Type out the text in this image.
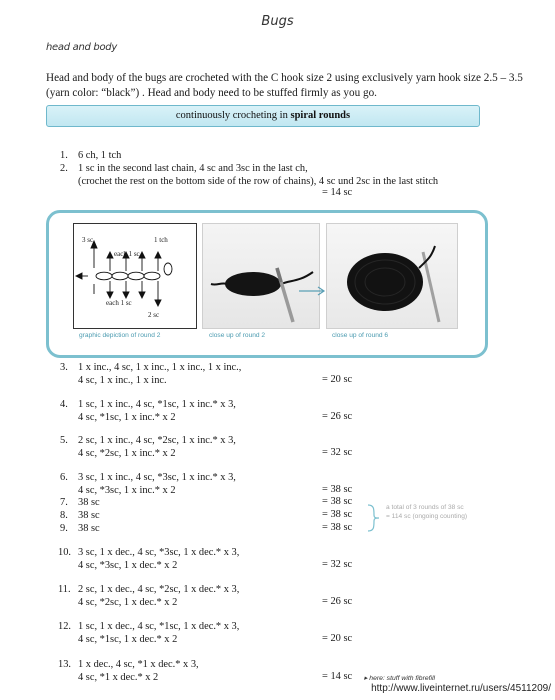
Bugs
head and body
Head and body of the bugs are crocheted with the C hook size 2 using exclusively yarn hook size 2.5 – 3.5 (yarn color: “black”) . Head and body need to be stuffed firmly as you go.
continuously crocheting in spiral rounds
1. 6 ch, 1 tch
2. 1 sc in the second last chain, 4 sc and 3sc in the last ch,
(crochet the rest on the bottom side of the row of chains), 4 sc und 2sc in the last stitch
= 14 sc
3 sc	1 tch
each 1 sc
each 1 sc
2 sc
graphic depiction of round 2	close up of round 2	close up of round 6
3. 1 x inc., 4 sc, 1 x inc., 1 x inc., 1 x inc.,
4 sc, 1 x inc., 1 x inc.	= 20 sc
4. 1 sc, 1 x inc., 4 sc, *1sc, 1 x inc.* x 3,
4 sc, *1sc, 1 x inc.* x 2	= 26 sc
5. 2 sc, 1 x inc., 4 sc, *2sc, 1 x inc.* x 3,
4 sc, *2sc, 1 x inc.* x 2	= 32 sc
6. 3 sc, 1 x inc., 4 sc, *3sc, 1 x inc.* x 3,
4 sc, *3sc, 1 x inc.* x 2	= 38 sc
7. 38 sc	= 38 sc
8. 38 sc	= 38 sc
9. 38 sc	= 38 sc
10. 3 sc, 1 x dec., 4 sc, *3sc, 1 x dec.* x 3,
4 sc, *3sc, 1 x dec.* x 2	= 32 sc
11. 2 sc, 1 x dec., 4 sc, *2sc, 1 x dec.* x 3,
4 sc, *2sc, 1 x dec.* x 2	= 26 sc
12. 1 sc, 1 x dec., 4 sc, *1sc, 1 x dec.* x 3,
4 sc, *1sc, 1 x dec.* x 2	= 20 sc
13. 1 x dec., 4 sc, *1 x dec.* x 3,
4 sc, *1 x dec.* x 2	= 14 sc
a total of 3 rounds of 38 sc
= 114 sc (ongoing counting)
▸ here: stuff with fibrefill
http://www.liveinternet.ru/users/4511209/
